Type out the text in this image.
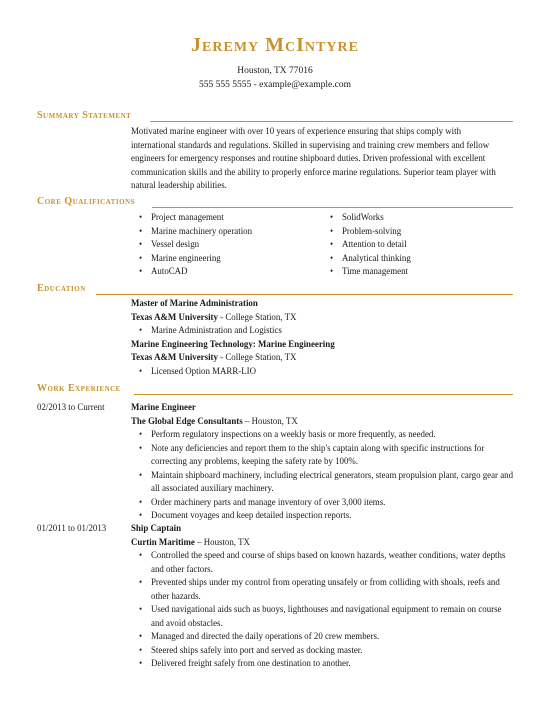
Jeremy McIntyre
Houston, TX 77016
555 555 5555 - example@example.com
Summary Statement
Motivated marine engineer with over 10 years of experience ensuring that ships comply with international standards and regulations. Skilled in supervising and training crew members and fellow engineers for emergency responses and routine shipboard duties. Driven professional with excellent communication skills and the ability to properly enforce marine regulations. Superior team player with natural leadership abilities.
Core Qualifications
• Project management
• Marine machinery operation
• Vessel design
• Marine engineering
• AutoCAD
• SolidWorks
• Problem-solving
• Attention to detail
• Analytical thinking
• Time management
Education
Master of Marine Administration
Texas A&M University - College Station, TX
• Marine Administration and Logistics
Marine Engineering Technology: Marine Engineering
Texas A&M University - College Station, TX
• Licensed Option MARR-LIO
Work Experience
02/2013 to Current	Marine Engineer
The Global Edge Consultants – Houston, TX
• Perform regulatory inspections on a weekly basis or more frequently, as needed.
• Note any deficiencies and report them to the ship's captain along with specific instructions for correcting any problems, keeping the safety rate by 100%.
• Maintain shipboard machinery, including electrical generators, steam propulsion plant, cargo gear and all associated auxiliary machinery.
• Order machinery parts and manage inventory of over 3,000 items.
• Document voyages and keep detailed inspection reports.
01/2011 to 01/2013	Ship Captain
Curtin Maritime – Houston, TX
• Controlled the speed and course of ships based on known hazards, weather conditions, water depths and other factors.
• Prevented ships under my control from operating unsafely or from colliding with shoals, reefs and other hazards.
• Used navigational aids such as buoys, lighthouses and navigational equipment to remain on course and avoid obstacles.
• Managed and directed the daily operations of 20 crew members.
• Steered ships safely into port and served as docking master.
• Delivered freight safely from one destination to another.
